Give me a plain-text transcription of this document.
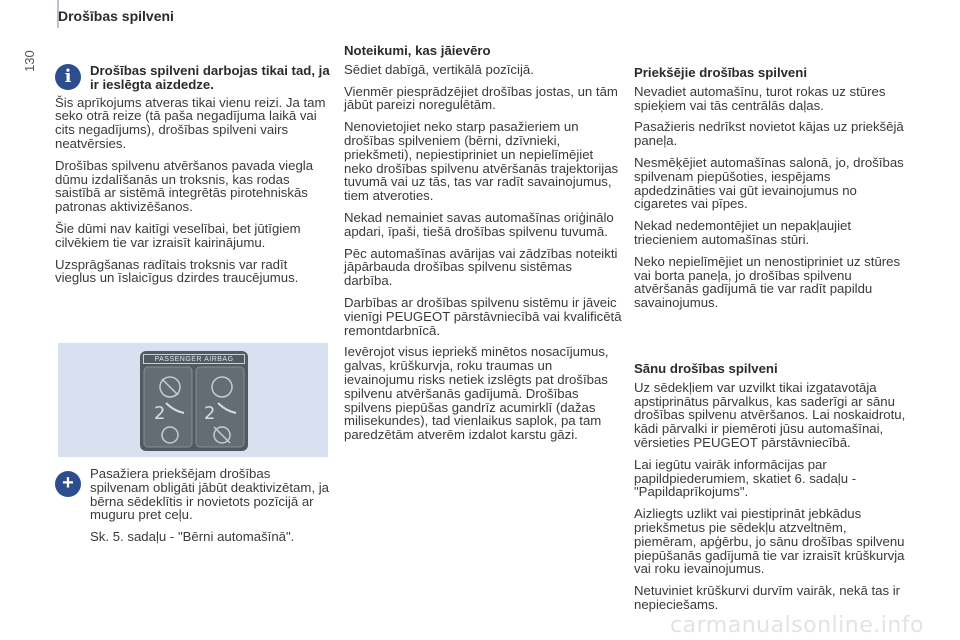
Drošības spilveni
130
i	Drošības spilveni darbojas tikai tad, ja ir ieslēgta aizdedze.

Šis aprīkojums atveras tikai vienu reizi. Ja tam seko otrā reize (tā paša negadījuma laikā vai cits negadījums), drošības spilveni vairs neatvērsies.

Drošības spilvenu atvēršanos pavada viegla dūmu izdalīšanās un troksnis, kas rodas saistībā ar sistēmā integrētās pirotehniskās patronas aktivizēšanos.

Šie dūmi nav kaitīgi veselībai, bet jūtīgiem cilvēkiem tie var izraisīt kairinājumu.

Uzsprāgšanas radītais troksnis var radīt vieglus un īslaicīgus dzirdes traucējumus.

PASSENGER AIRBAG
2 2
+	Pasažiera priekšējam drošības spilvenam obligāti jābūt deaktivizētam, ja bērna sēdeklītis ir novietots pozīcijā ar muguru pret ceļu.

Sk. 5. sadaļu - "Bērni automašīnā".

Noteikumi, kas jāievēro

Sēdiet dabīgā, vertikālā pozīcijā.

Vienmēr piesprādzējiet drošības jostas, un tām jābūt pareizi noregulētām.

Nenovietojiet neko starp pasažieriem un drošības spilveniem (bērni, dzīvnieki, priekšmeti), nepiestipriniet un nepielīmējiet neko drošības spilvenu atvēršanās trajektorijas tuvumā vai uz tās, tas var radīt savainojumus, tiem atveroties.

Nekad nemainiet savas automašīnas oriģinālo apdari, īpaši, tiešā drošības spilvenu tuvumā.

Pēc automašīnas avārijas vai zādzības noteikti jāpārbauda drošības spilvenu sistēmas darbība.

Darbības ar drošības spilvenu sistēmu ir jāveic vienīgi PEUGEOT pārstāvniecībā vai kvalificētā remontdarbnīcā.

Ievērojot visus iepriekš minētos nosacījumus, galvas, krūškurvja, roku traumas un ievainojumu risks netiek izslēgts pat drošības spilvenu atvēršanās gadījumā. Drošības spilvens piepūšas gandrīz acumirklī (dažas milisekundes), tad vienlaikus saplok, pa tam paredzētām atverēm izdalot karstu gāzi.

Priekšējie drošības spilveni

Nevadiet automašīnu, turot rokas uz stūres spieķiem vai tās centrālās daļas.

Pasažieris nedrīkst novietot kājas uz priekšējā paneļa.

Nesmēķējiet automašīnas salonā, jo, drošības spilvenam piepūšoties, iespējams apdedzināties vai gūt ievainojumus no cigaretes vai pīpes.

Nekad nedemontējiet un nepakļaujiet triecieniem automašīnas stūri.

Neko nepielīmējiet un nenostipriniet uz stūres vai borta paneļa, jo drošības spilvenu atvēršanās gadījumā tie var radīt papildu savainojumus.

Sānu drošības spilveni

Uz sēdekļiem var uzvilkt tikai izgatavotāja apstiprinātus pārvalkus, kas saderīgi ar sānu drošības spilvenu atvēršanos. Lai noskaidrotu, kādi pārvalki ir piemēroti jūsu automašīnai, vērsieties PEUGEOT pārstāvniecībā.

Lai iegūtu vairāk informācijas par papildpiederumiem, skatiet 6. sadaļu - "Papildaprīkojums".

Aizliegts uzlikt vai piestiprināt jebkādus priekšmetus pie sēdekļu atzveltnēm, piemēram, apģērbu, jo sānu drošības spilvenu piepūšanās gadījumā tie var izraisīt krūškurvja vai roku ievainojumus.

Netuviniet krūškurvi durvīm vairāk, nekā tas ir nepieciešams.

carmanualsonline.info
